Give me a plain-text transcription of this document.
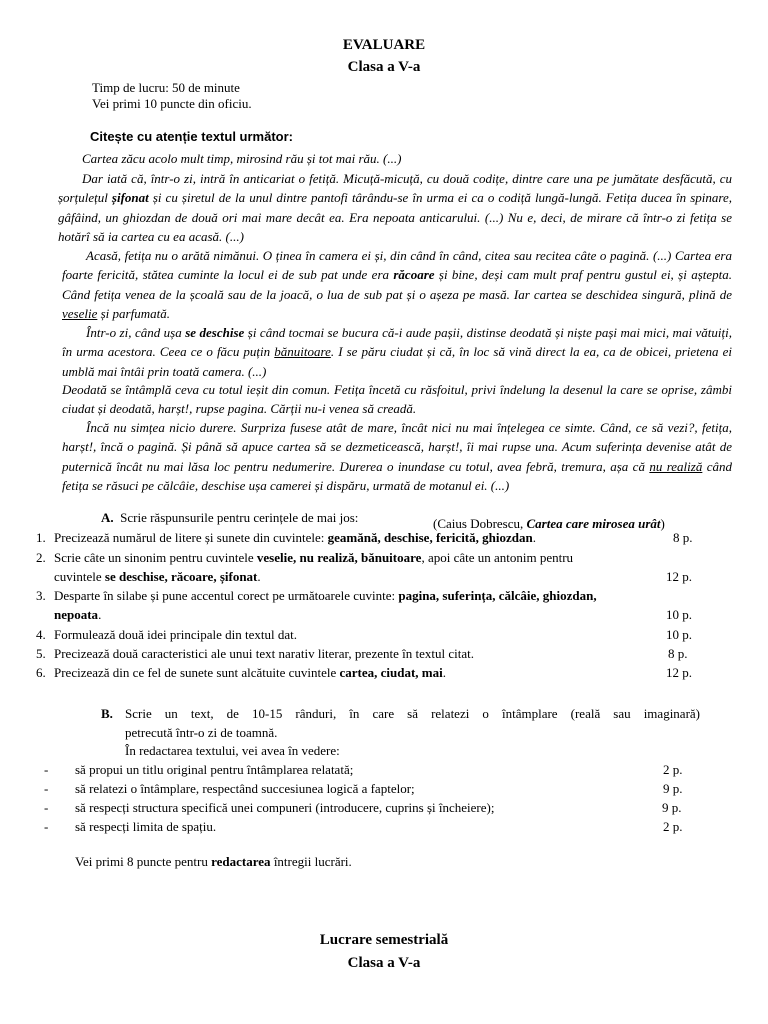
EVALUARE
Clasa a V-a
Timp de lucru: 50 de minute
Vei primi 10 puncte din oficiu.
Citește cu atenție textul următor:
Cartea zăcu acolo mult timp, mirosind rău și tot mai rău. (...)
Dar iată că, într-o zi, intră în anticariat o fetiță. Micuță-micuță, cu două codițe, dintre care una pe jumătate desfăcută, cu șorțulețul șifonat și cu șiretul de la unul dintre pantofi târându-se în urma ei ca o codiță lungă-lungă. Fetița ducea în spinare, gâfâind, un ghiozdan de două ori mai mare decât ea. Era nepoata anticarului. (...) Nu e, deci, de mirare că într-o zi fetița se hotărî să ia cartea cu ea acasă. (...)
Acasă, fetița nu o arătă nimănui. O ținea în camera ei și, din când în când, citea sau recitea câte o pagină. (...) Cartea era foarte fericită, stătea cuminte la locul ei de sub pat unde era răcoare și bine, deși cam mult praf pentru gustul ei, și aștepta. Când fetița venea de la școală sau de la joacă, o lua de sub pat și o așeza pe masă. Iar cartea se deschidea singură, plină de veselie și parfumată.
Într-o zi, când ușa se deschise și când tocmai se bucura că-i aude pașii, distinse deodată și niște pași mai mici, mai vătuiți, în urma acestora. Ceea ce o făcu puțin bănuitoare. I se păru ciudat și că, în loc să vină direct la ea, ca de obicei, prietena ei umblă mai întâi prin toată camera. (...)
Deodată se întâmplă ceva cu totul ieșit din comun. Fetița încetă cu răsfoitul, privi îndelung la desenul la care se oprise, zâmbi ciudat și deodată, harșt!, rupse pagina. Cărții nu-i venea să creadă.
Încă nu simțea nicio durere. Surpriza fusese atât de mare, încât nici nu mai înțelegea ce simte. Când, ce să vezi?, fetița, harșt!, încă o pagină. Și până să apuce cartea să se dezmeticească, harșt!, îi mai rupse una. Acum suferința devenise atât de puternică încât nu mai lăsa loc pentru nedumerire. Durerea o inundase cu totul, avea febră, tremura, așa că nu realiză când fetița se răsuci pe călcâie, deschise ușa camerei și dispăru, urmată de motanul ei. (...)
A. Scrie răspunsurile pentru cerințele de mai jos:	(Caius Dobrescu, Cartea care mirosea urât)
1. Precizează numărul de litere și sunete din cuvintele: geamănă, deschise, fericită, ghiozdan.	8 p.
2. Scrie câte un sinonim pentru cuvintele veselie, nu realiză, bănuitoare, apoi câte un antonim pentru
cuvintele se deschise, răcoare, șifonat.	12 p.
3. Desparte în silabe și pune accentul corect pe următoarele cuvinte: pagina, suferința, călcâie, ghiozdan,
nepoata.	10 p.
4. Formulează două idei principale din textul dat.	10 p.
5. Precizează două caracteristici ale unui text narativ literar, prezente în textul citat.	8 p.
6. Precizează din ce fel de sunete sunt alcătuite cuvintele cartea, ciudat, mai.	12 p.
B. Scrie un text, de 10-15 rânduri, în care să relatezi o întâmplare (reală sau imaginară)
petrecută într-o zi de toamnă.
În redactarea textului, vei avea în vedere:
- să propui un titlu original pentru întâmplarea relatată;	2 p.
- să relatezi o întâmplare, respectând succesiunea logică a faptelor;	9 p.
- să respecți structura specifică unei compuneri (introducere, cuprins și încheiere);	9 p.
- să respecți limita de spațiu.	2 p.
Vei primi 8 puncte pentru redactarea întregii lucrări.
Lucrare semestrială
Clasa a V-a
